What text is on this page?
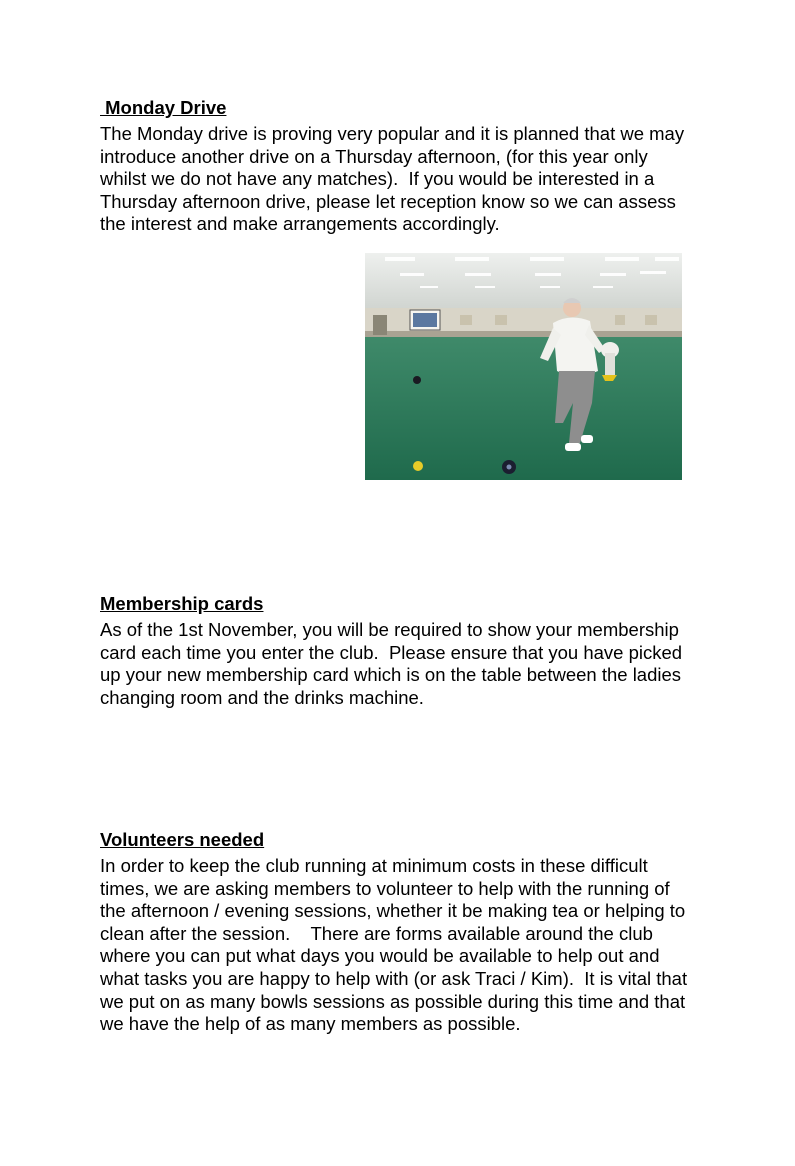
Monday Drive
The Monday drive is proving very popular and it is planned that we may
introduce another drive on a Thursday afternoon, (for this year only
whilst we do not have any matches).  If you would be interested in a
Thursday afternoon drive, please let reception know so we can assess
the interest and make arrangements accordingly.
Membership cards
As of the 1st November, you will be required to show your membership
card each time you enter the club.  Please ensure that you have picked
up your new membership card which is on the table between the ladies
changing room and the drinks machine.
Volunteers needed
In order to keep the club running at minimum costs in these difficult
times, we are asking members to volunteer to help with the running of
the afternoon / evening sessions, whether it be making tea or helping to
clean after the session.    There are forms available around the club
where you can put what days you would be available to help out and
what tasks you are happy to help with (or ask Traci / Kim).  It is vital that
we put on as many bowls sessions as possible during this time and that
we have the help of as many members as possible.
